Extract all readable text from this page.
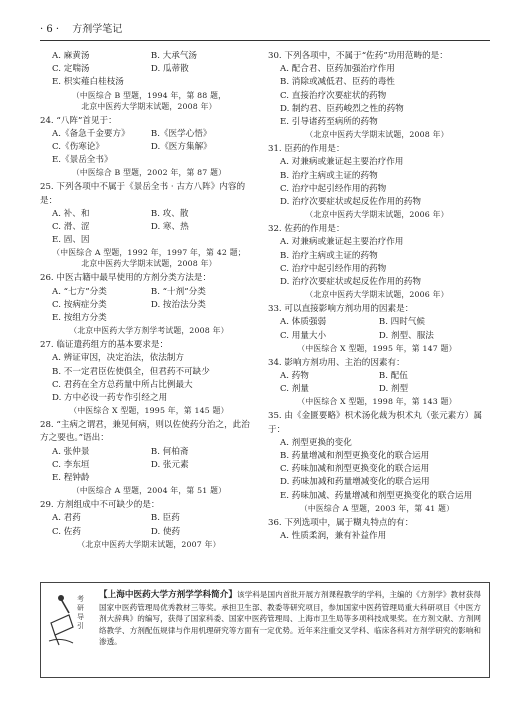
· 6 · 方剂学笔记
A. 麻黄汤	B. 大承气汤
C. 定喘汤	D. 瓜蒂散
E. 枳实薤白桂枝汤
（中医综合 B 型题，1994 年，第 88 题，
北京中医药大学期末试题，2008 年）
24. “八阵”首见于：
A.《备急千金要方》	B.《医学心悟》
C.《伤寒论》	D.《医方集解》
E.《景岳全书》
（中医综合 B 型题，2002 年，第 87 题）
25. 下列各项中不属于《景岳全书 · 古方八阵》内容的是：
A. 补、和	B. 攻、散
C. 滑、涩	D. 寒、热
E. 固、因
（中医综合 A 型题，1992 年，1997 年，第 42 题；
北京中医药大学期末试题，2008 年）
26. 中医古籍中最早使用的方剂分类方法是：
A. “七方”分类	B. “十剂”分类
C. 按病症分类	D. 按治法分类
E. 按组方分类
（北京中医药大学方剂学考试题，2008 年）
27. 临证遣药组方的基本要求是：
A. 辨证审因，决定治法，依法制方
B. 不一定君臣佐使俱全，但君药不可缺少
C. 君药在全方总药量中所占比例最大
D. 方中必设一药专作引经之用
（中医综合 X 型题，1995 年，第 145 题）
28. “主病之谓君，兼见何病，则以佐使药分治之，此治方之要也。”语出：
A. 张仲景	B. 何柏斋
C. 李东垣	D. 张元素
E. 程钟龄
（中医综合 A 型题，2004 年，第 51 题）
29. 方剂组成中不可缺少的是：
A. 君药	B. 臣药
C. 佐药	D. 使药
（北京中医药大学期末试题，2007 年）
30. 下列各项中，不属于“佐药”功用范畴的是：
A. 配合君、臣药加强治疗作用
B. 消除或减低君、臣药的毒性
C. 直接治疗次要症状的药物
D. 制约君、臣药峻烈之性的药物
E. 引导诸药至病所的药物
（北京中医药大学期末试题，2008 年）
31. 臣药的作用是：
A. 对兼病或兼证起主要治疗作用
B. 治疗主病或主证的药物
C. 治疗中起引经作用的药物
D. 治疗次要症状或起反佐作用的药物
（北京中医药大学期末试题，2006 年）
32. 佐药的作用是：
A. 对兼病或兼证起主要治疗作用
B. 治疗主病或主证的药物
C. 治疗中起引经作用的药物
D. 治疗次要症状或起反佐作用的药物
（北京中医药大学期末试题，2006 年）
33. 可以直接影响方剂功用的因素是：
A. 体质强弱	B. 四时气候
C. 用量大小	D. 剂型、服法
（中医综合 X 型题，1995 年，第 147 题）
34. 影响方剂功用、主治的因素有：
A. 药物	B. 配伍
C. 剂量	D. 剂型
（中医综合 X 型题，1998 年，第 143 题）
35. 由《金匮要略》枳术汤化裁为枳术丸（张元素方）属于：
A. 剂型更换的变化
B. 药量增减和剂型更换变化的联合运用
C. 药味加减和剂型更换变化的联合运用
D. 药味加减和药量增减变化的联合运用
E. 药味加减、药量增减和剂型更换变化的联合运用
（中医综合 A 型题，2003 年，第 41 题）
36. 下列选项中，属于糊丸特点的有：
A. 性质柔润，兼有补益作用
考研导引
【上海中医药大学方剂学学科简介】该学科是国内首批开展方剂课程教学的学科，主编的《方剂学》教材获得国家中医药管理局优秀教材三等奖。承担卫生部、教委等研究项目，参加国家中医药管理局重大科研项目《中医方剂大辞典》的编写，获得了国家科委、国家中医药管理局、上海市卫生局等多项科技成果奖。在方剂文献、方剂网络教学、方剂配伍规律与作用机理研究等方面有一定优势。近年来注重交叉学科、临床各科对方剂学研究的影响和渗透。
